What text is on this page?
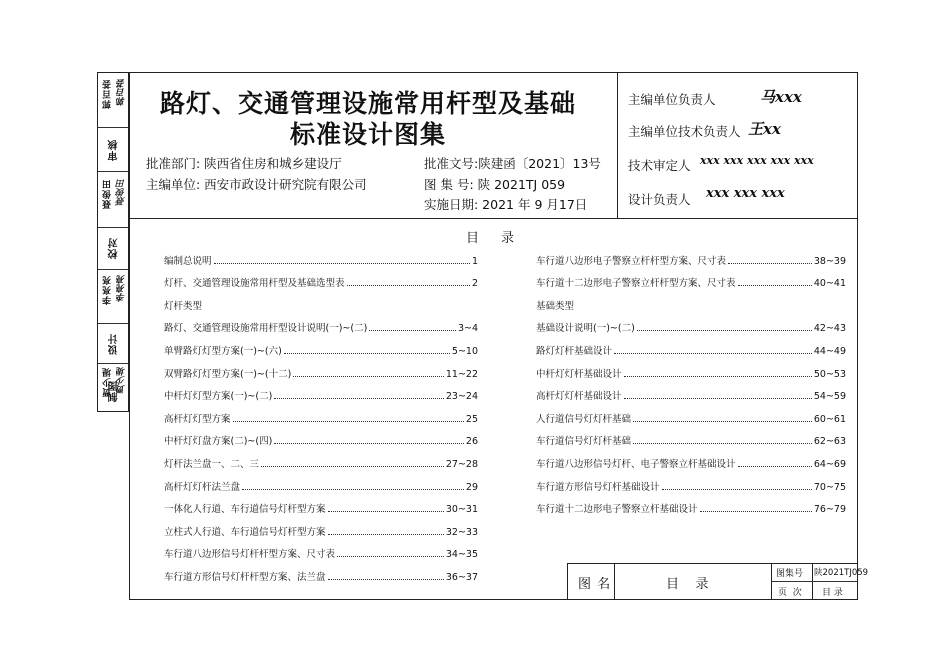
郭百荟 郭百荟
审核
聂俊田 聂俊田
校对
李亮亮 李亮亮
设计
贾少堤 贾少堤
制图
路灯、交通管理设施常用杆型及基础
标准设计图集
批准部门: 陕西省住房和城乡建设厅
主编单位: 西安市政设计研究院有限公司
批准文号:陕建函〔2021〕13号
图 集 号: 陕 2021TJ 059
实施日期: 2021 年 9 月17日
主编单位负责人	马xxx
主编单位技术负责人 王xx
技术审定人 xxx xxx xxx xxx xxx
设计负责人 xxx xxx xxx
目录
编制总说明	1
灯杆、交通管理设施常用杆型及基础选型表	2
灯杆类型
路灯、交通管理设施常用杆型设计说明(一)~(二)	3~4
单臂路灯灯型方案(一)~(六)	5~10
双臂路灯灯型方案(一)~(十二)	11~22
中杆灯灯型方案(一)~(二)	23~24
高杆灯灯型方案	25
中杆灯灯盘方案(二)~(四)	26
灯杆法兰盘一、二、三	27~28
高杆灯灯杆法兰盘	29
一体化人行道、车行道信号灯杆型方案	30~31
立柱式人行道、车行道信号灯杆型方案	32~33
车行道八边形信号灯杆杆型方案、尺寸表	34~35
车行道方形信号灯杆杆型方案、法兰盘	36~37
车行道八边形电子警察立杆杆型方案、尺寸表	38~39
车行道十二边形电子警察立杆杆型方案、尺寸表	40~41
基础类型
基础设计说明(一)~(二)	42~43
路灯灯杆基础设计	44~49
中杆灯灯杆基础设计	50~53
高杆灯灯杆基础设计	54~59
人行道信号灯灯杆基础	60~61
车行道信号灯灯杆基础	62~63
车行道八边形信号灯杆、电子警察立杆基础设计	64~69
车行道方形信号灯杆基础设计	70~75
车行道十二边形电子警察立杆基础设计	76~79
图 名	目    录
图集号 陕2021TJ059
页  次 目 录
